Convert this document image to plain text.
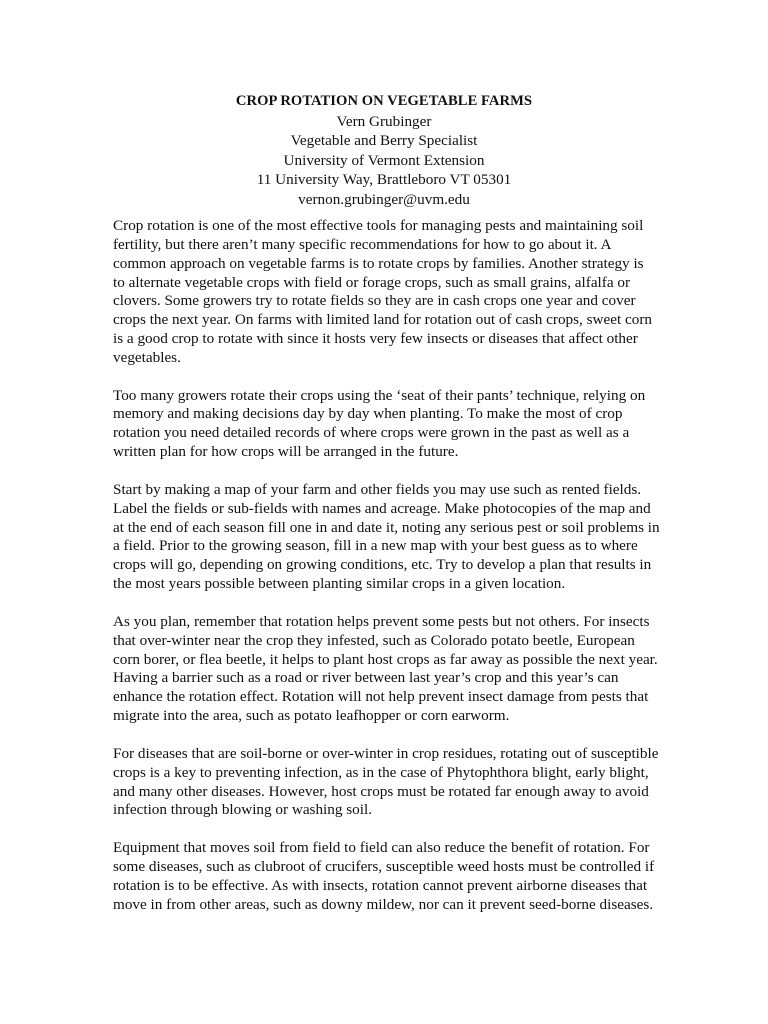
CROP ROTATION ON VEGETABLE FARMS
Vern Grubinger
Vegetable and Berry Specialist
University of Vermont Extension
11 University Way, Brattleboro VT 05301
vernon.grubinger@uvm.edu
Crop rotation is one of the most effective tools for managing pests and maintaining soil
fertility, but there aren’t many specific recommendations for how to go about it. A
common approach on vegetable farms is to rotate crops by families. Another strategy is
to alternate vegetable crops with field or forage crops, such as small grains, alfalfa or
clovers. Some growers try to rotate fields so they are in cash crops one year and cover
crops the next year. On farms with limited land for rotation out of cash crops, sweet corn
is a good crop to rotate with since it hosts very few insects or diseases that affect other
vegetables.
Too many growers rotate their crops using the ‘seat of their pants’ technique, relying on
memory and making decisions day by day when planting. To make the most of crop
rotation you need detailed records of where crops were grown in the past as well as a
written plan for how crops will be arranged in the future.
Start by making a map of your farm and other fields you may use such as rented fields.
Label the fields or sub-fields with names and acreage. Make photocopies of the map and
at the end of each season fill one in and date it, noting any serious pest or soil problems in
a field. Prior to the growing season, fill in a new map with your best guess as to where
crops will go, depending on growing conditions, etc. Try to develop a plan that results in
the most years possible between planting similar crops in a given location.
As you plan, remember that rotation helps prevent some pests but not others. For insects
that over-winter near the crop they infested, such as Colorado potato beetle, European
corn borer, or flea beetle, it helps to plant host crops as far away as possible the next year.
Having a barrier such as a road or river between last year’s crop and this year’s can
enhance the rotation effect. Rotation will not help prevent insect damage from pests that
migrate into the area, such as potato leafhopper or corn earworm.
For diseases that are soil-borne or over-winter in crop residues, rotating out of susceptible
crops is a key to preventing infection, as in the case of Phytophthora blight, early blight,
and many other diseases. However, host crops must be rotated far enough away to avoid
infection through blowing or washing soil.
Equipment that moves soil from field to field can also reduce the benefit of rotation. For
some diseases, such as clubroot of crucifers, susceptible weed hosts must be controlled if
rotation is to be effective. As with insects, rotation cannot prevent airborne diseases that
move in from other areas, such as downy mildew, nor can it prevent seed-borne diseases.
